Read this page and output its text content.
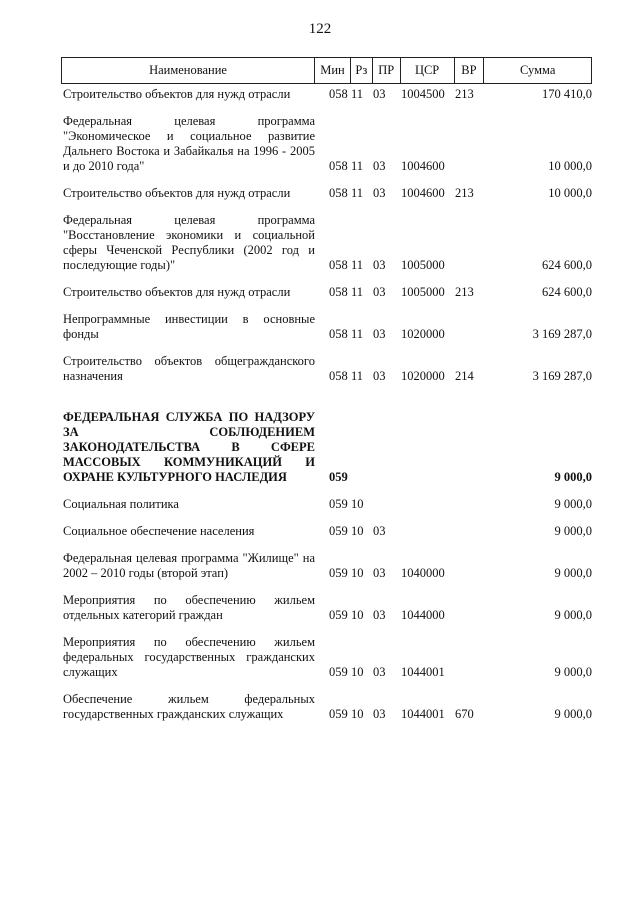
122
Наименование	Мин Рз ПР	ЦСР	ВР	Сумма
Строительство объектов для нужд отрасли	058 11 03	1004500 213	170 410,0
Федеральная целевая программа "Экономическое и социальное развитие Дальнего Востока и Забайкалья на 1996 - 2005 и до 2010 года"	058 11 03	1004600	10 000,0
Строительство объектов для нужд отрасли	058 11 03	1004600 213	10 000,0
Федеральная целевая программа "Восстановление экономики и социальной сферы Чеченской Республики (2002 год и последующие годы)"	058 11 03	1005000	624 600,0
Строительство объектов для нужд отрасли	058 11 03	1005000 213	624 600,0
Непрограммные инвестиции в основные фонды	058 11 03	1020000	3 169 287,0
Строительство объектов общегражданского назначения	058 11 03	1020000 214	3 169 287,0
ФЕДЕРАЛЬНАЯ СЛУЖБА ПО НАДЗОРУ ЗА СОБЛЮДЕНИЕМ ЗАКОНОДАТЕЛЬСТВА В СФЕРЕ МАССОВЫХ КОММУНИКАЦИЙ И ОХРАНЕ КУЛЬТУРНОГО НАСЛЕДИЯ	059	9 000,0
Социальная политика	059 10	9 000,0
Социальное обеспечение населения	059 10 03	9 000,0
Федеральная целевая программа "Жилище" на 2002 – 2010 годы (второй этап)	059 10 03	1040000	9 000,0
Мероприятия по обеспечению жильем отдельных категорий граждан	059 10 03	1044000	9 000,0
Мероприятия по обеспечению жильем федеральных государственных гражданских служащих	059 10 03	1044001	9 000,0
Обеспечение жильем федеральных государственных гражданских служащих	059 10 03	1044001 670	9 000,0
